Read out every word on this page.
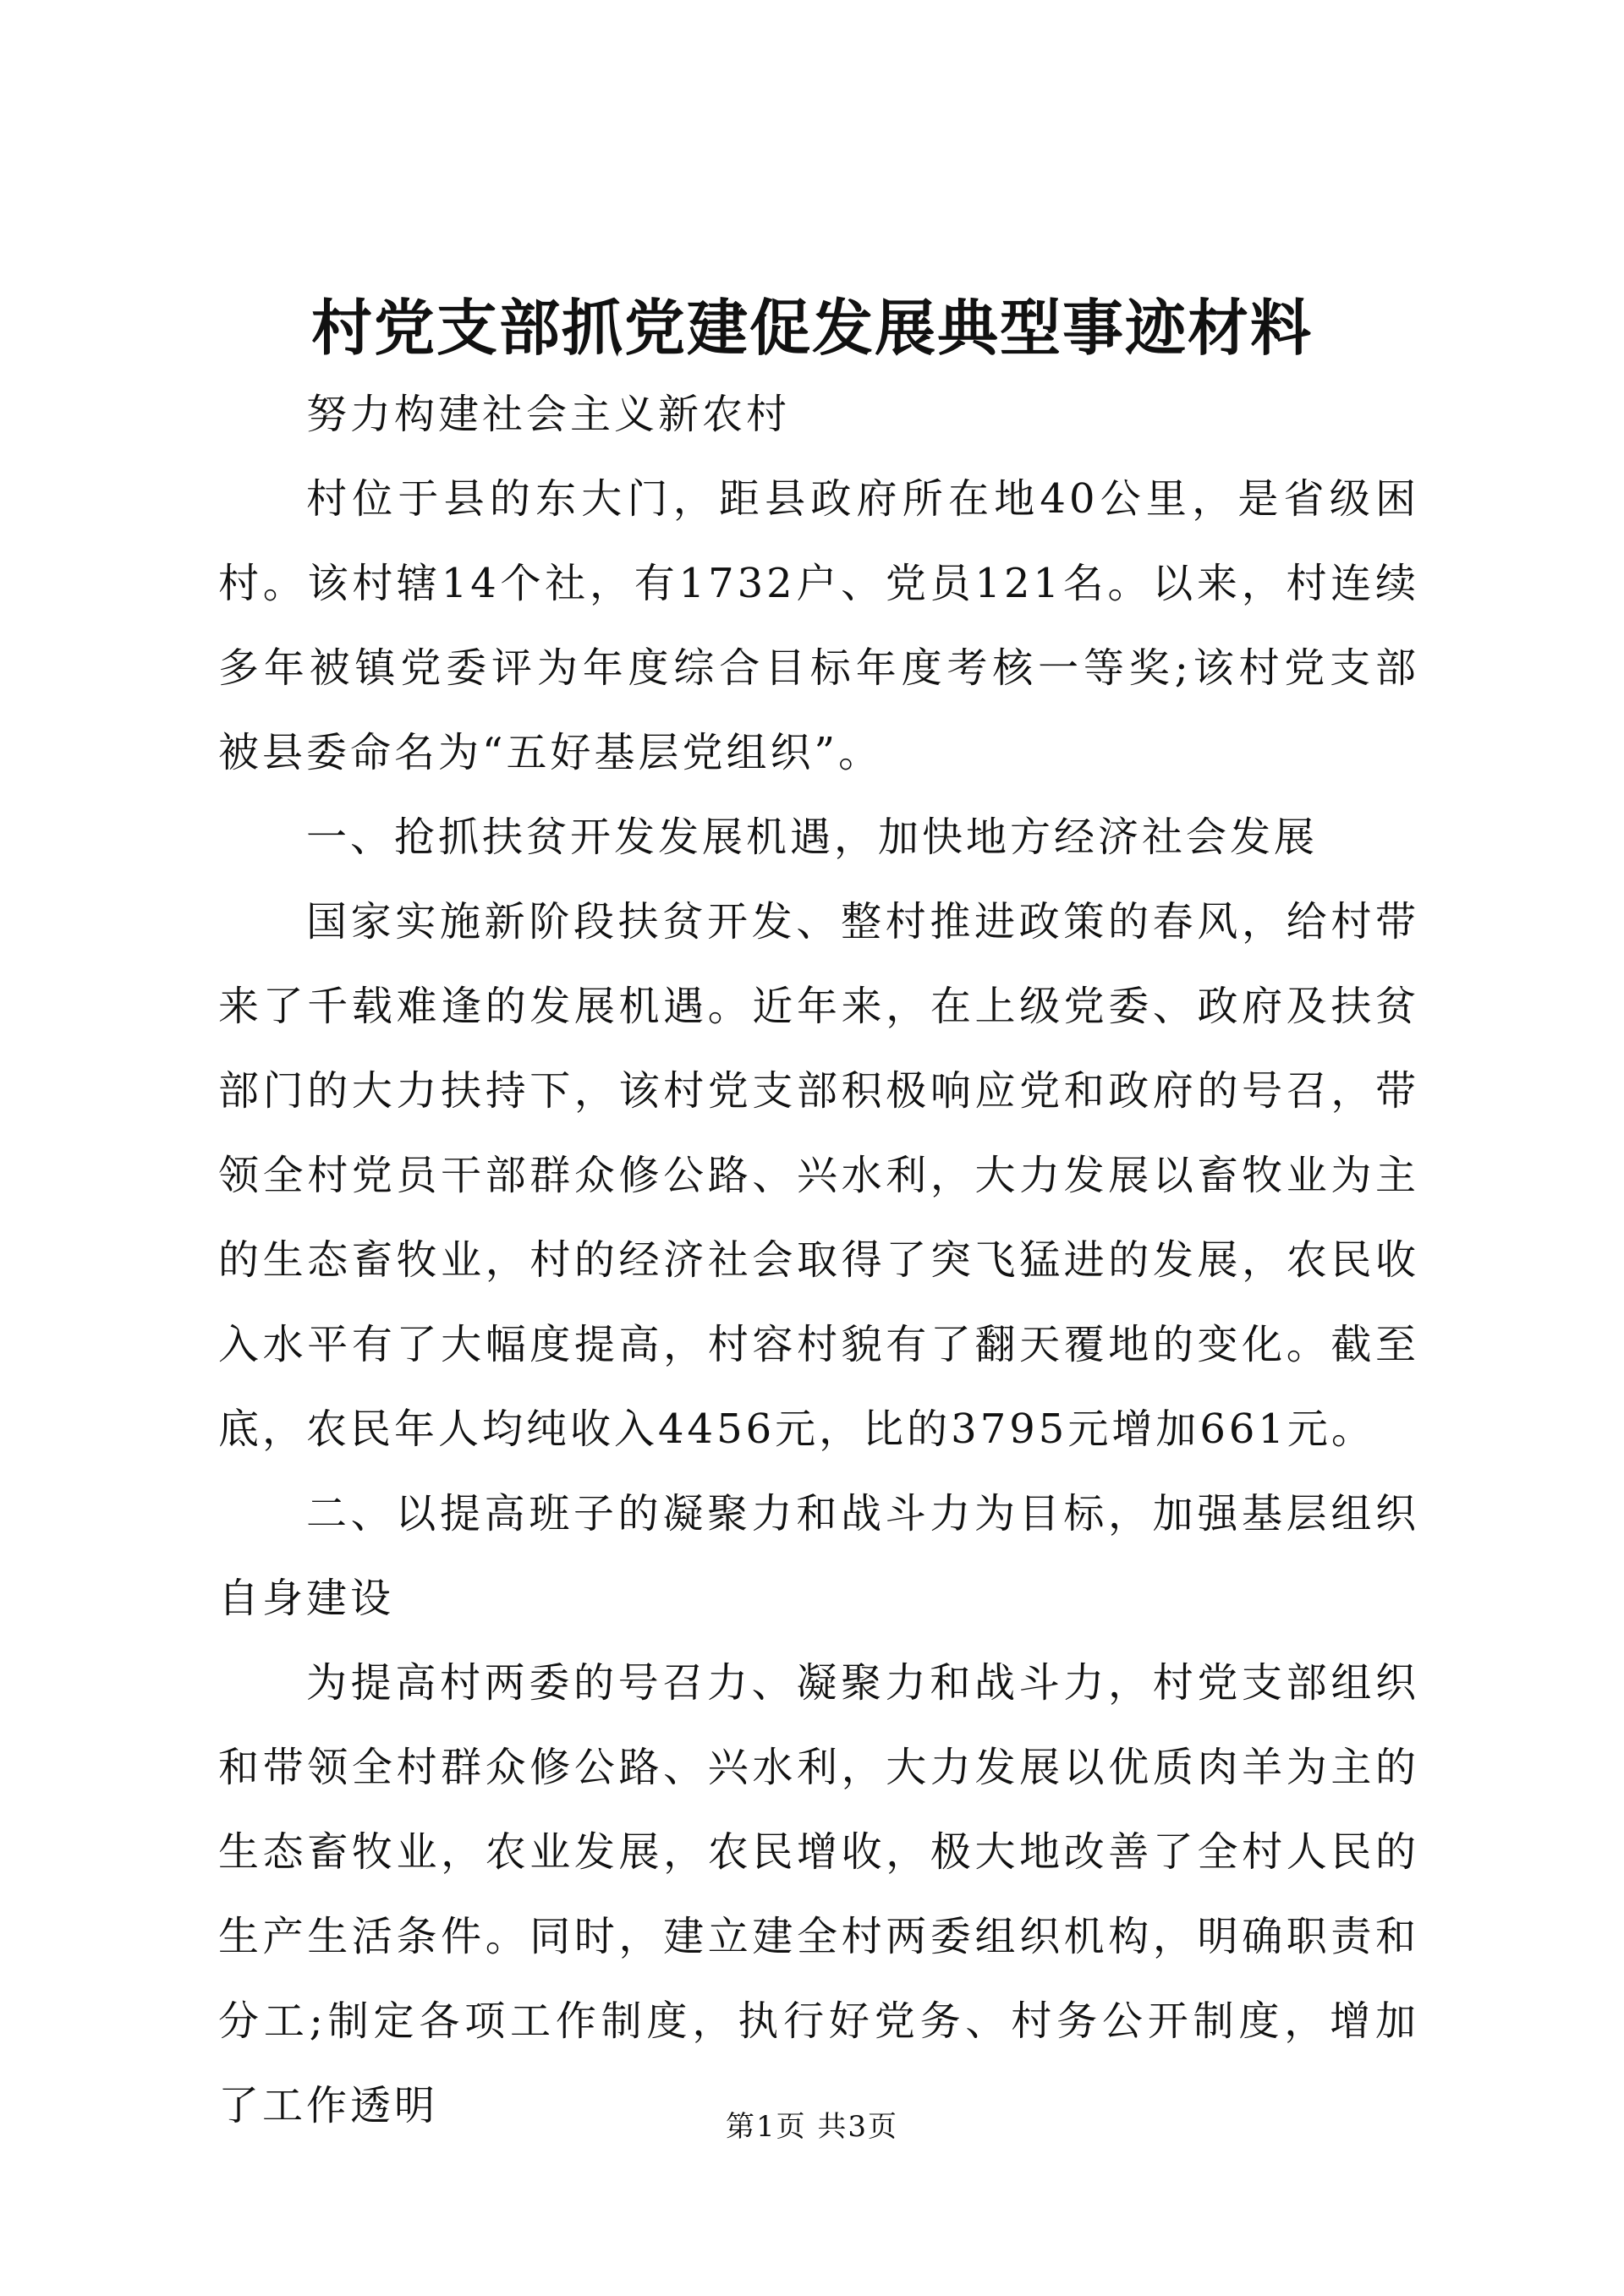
村党支部抓党建促发展典型事迹材料

努力构建社会主义新农村

村位于县的东大门，距县政府所在地40公里，是省级困村。该村辖14个社，有1732户、党员121名。以来，村连续多年被镇党委评为年度综合目标年度考核一等奖;该村党支部被县委命名为“五好基层党组织”。

一、抢抓扶贫开发发展机遇，加快地方经济社会发展

国家实施新阶段扶贫开发、整村推进政策的春风，给村带来了千载难逢的发展机遇。近年来，在上级党委、政府及扶贫部门的大力扶持下，该村党支部积极响应党和政府的号召，带领全村党员干部群众修公路、兴水利，大力发展以畜牧业为主的生态畜牧业，村的经济社会取得了突飞猛进的发展，农民收入水平有了大幅度提高，村容村貌有了翻天覆地的变化。截至底，农民年人均纯收入4456元，比的3795元增加661元。

二、以提高班子的凝聚力和战斗力为目标，加强基层组织自身建设

为提高村两委的号召力、凝聚力和战斗力，村党支部组织和带领全村群众修公路、兴水利，大力发展以优质肉羊为主的生态畜牧业，农业发展，农民增收，极大地改善了全村人民的生产生活条件。同时，建立建全村两委组织机构，明确职责和分工;制定各项工作制度，执行好党务、村务公开制度，增加了工作透明	第1页 共3页
